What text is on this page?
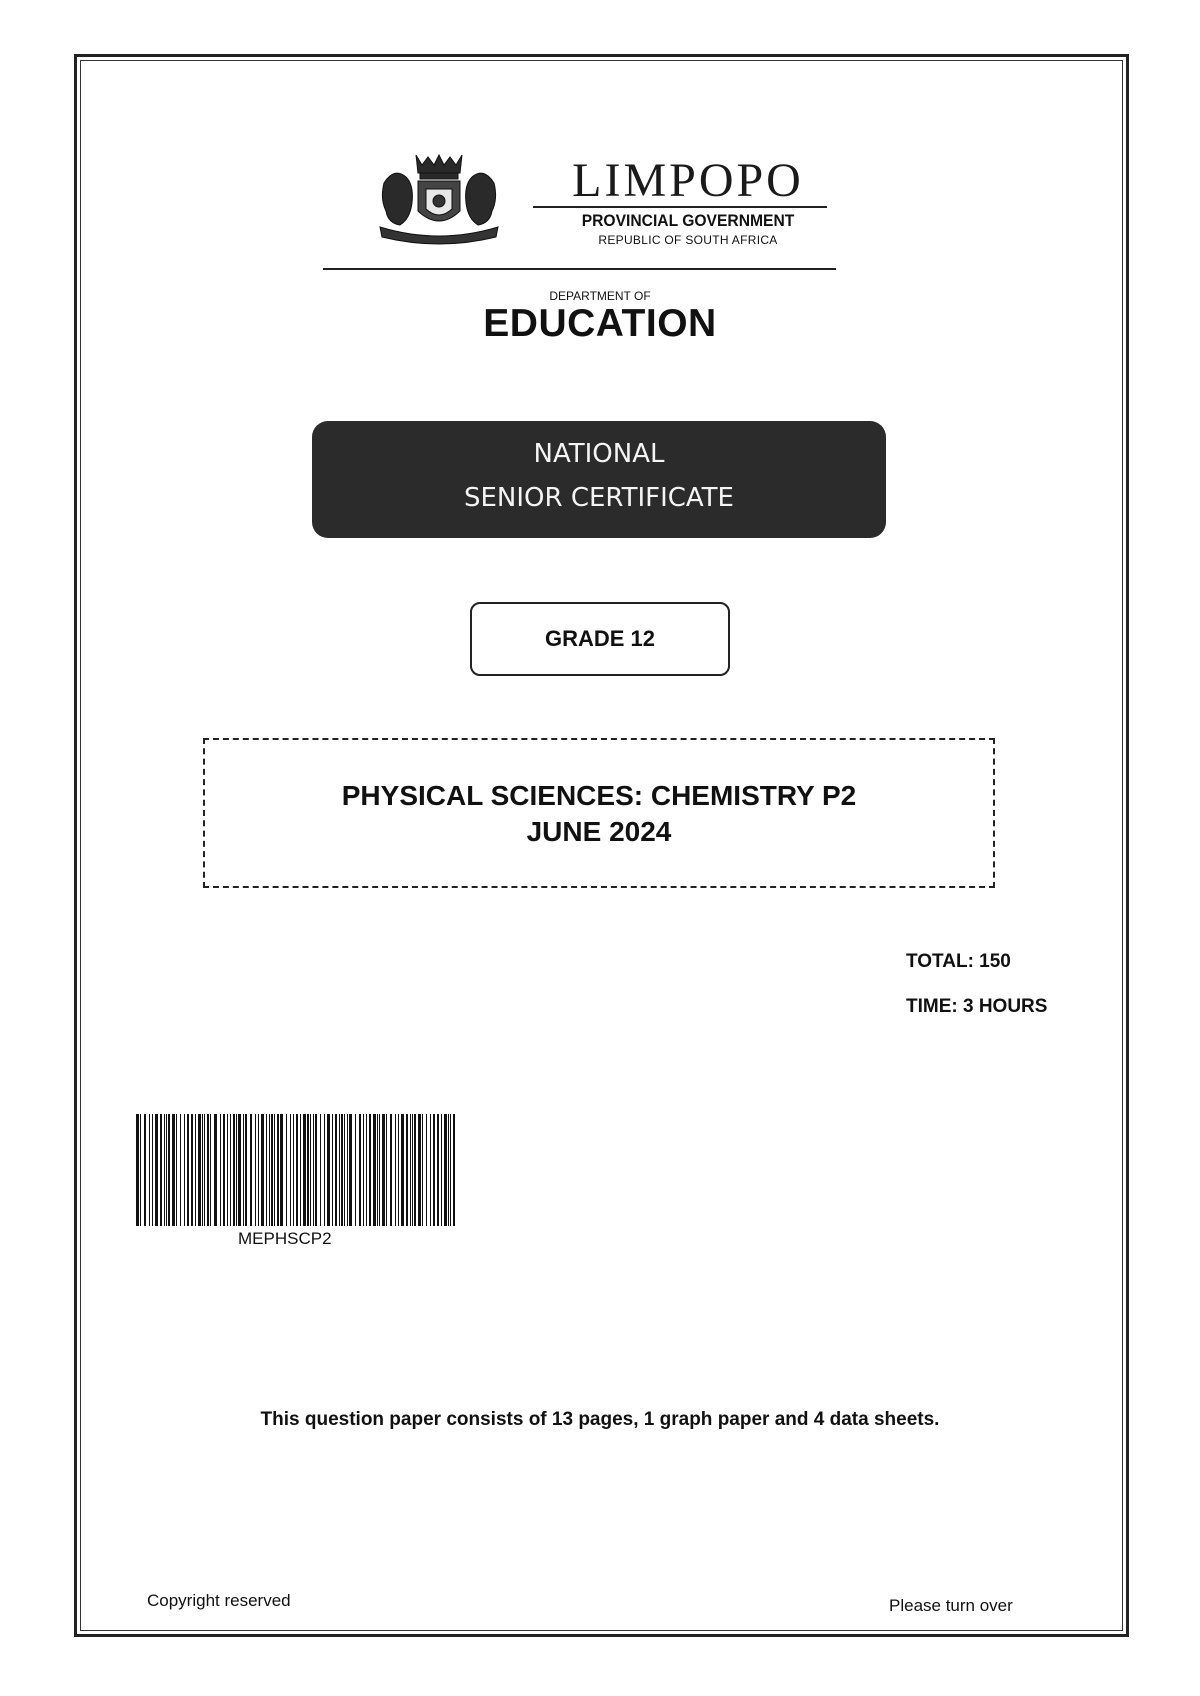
LIMPOPO
PROVINCIAL GOVERNMENT
REPUBLIC OF SOUTH AFRICA
DEPARTMENT OF
EDUCATION
NATIONAL
SENIOR CERTIFICATE
GRADE 12
PHYSICAL SCIENCES: CHEMISTRY P2
JUNE 2024
TOTAL: 150
TIME: 3 HOURS
MEPHSCP2
This question paper consists of 13 pages, 1 graph paper and 4 data sheets.
Copyright reserved	Please turn over
